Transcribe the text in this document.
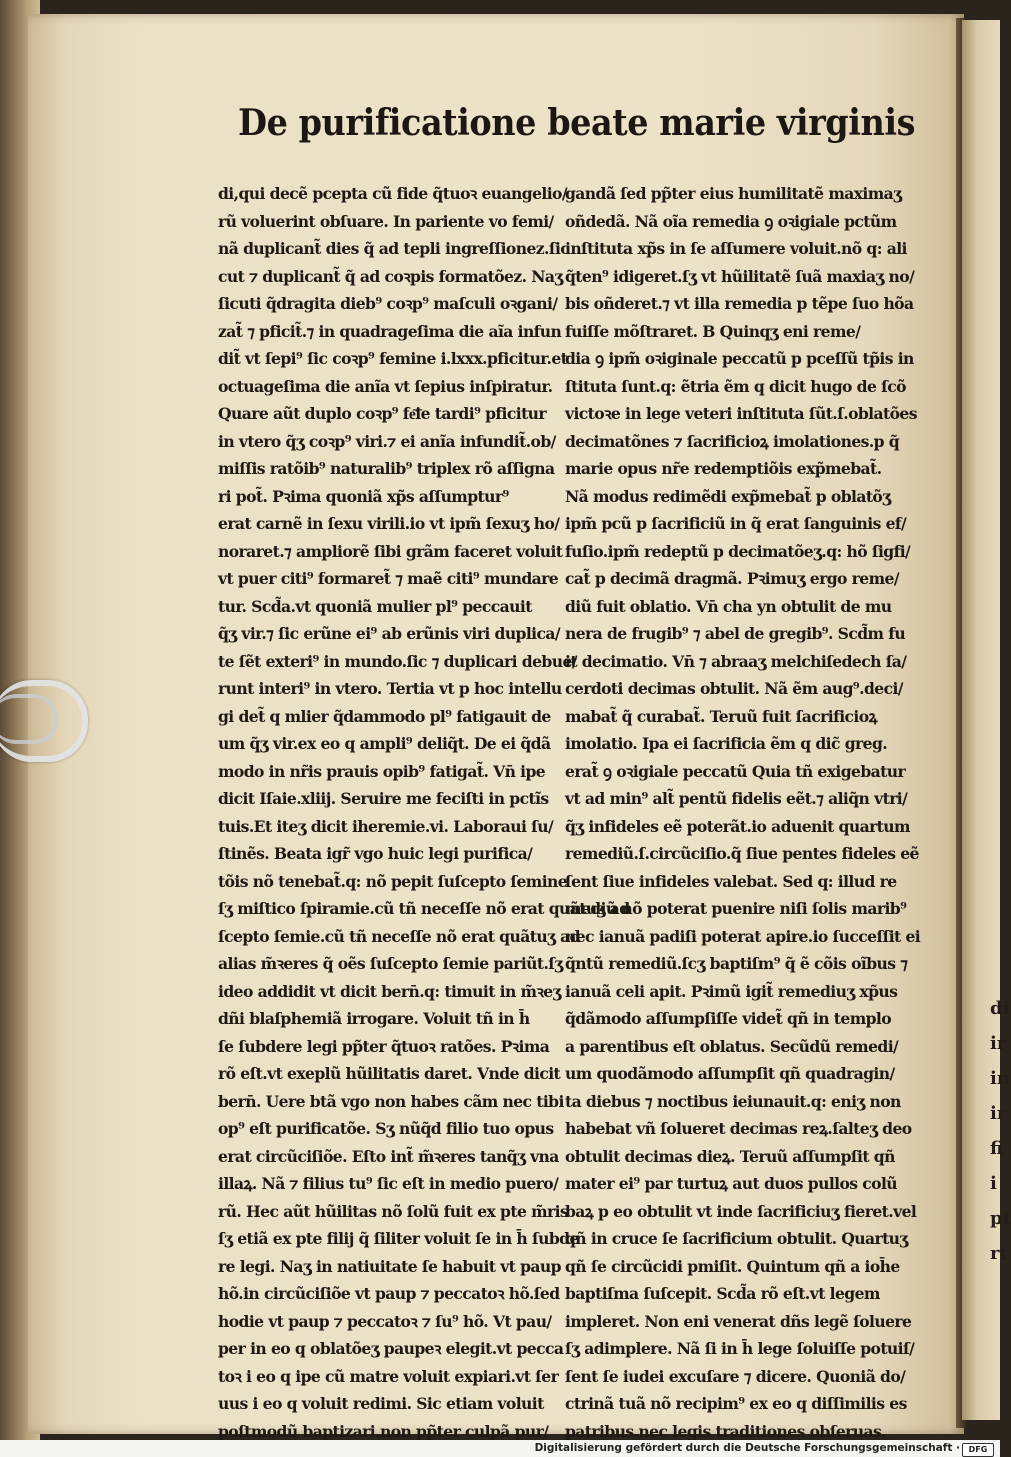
di
ir
in
ir
fi
i
pt
rt
De purificatione beate marie virginis
di,qui decẽ pcepta cũ fide q̃tuoꝛ euangelio/
rũ voluerint obſuare. In pariente vo femi/
nã duplicant̃ dies q̃ ad tepli ingreſſionez.ſic
cut ⁊ duplicant̃ q̃ ad coꝛpis formatõez. Naʒ
ſicuti q̃dragita dieb⁹ coꝛp⁹ maſculi oꝛgani/
zat̃ ⁊ pficit̃.⁊ in quadrageſima die aĩa infun
dit̃ vt ſepi⁹ ſic coꝛp⁹ femine i.lxxx.pficitur.et
octuageſima die anĩa vt ſepius inſpiratur.
Quare aũt duplo coꝛp⁹ fe͞ie tardi⁹ pficitur
in vtero q̃ʒ coꝛp⁹ viri.⁊ ei anĩa infundit̃.ob/
miſſis ratõib⁹ naturalib⁹ triplex rõ aſſigna
ri pot̃. Pꝛima quoniã xp̃s aſſumptur⁹
erat carnẽ in ſexu virili.io vt ipm̃ ſexuʒ ho/
noraret.⁊ ampliorẽ ſibi grãm faceret voluit
vt puer citi⁹ formaret̃ ⁊ maẽ citi⁹ mundare
tur. Scd̃a.vt quoniã mulier pl⁹ peccauit
q̃ʒ vir.⁊ ſic erũne ei⁹ ab erũnis viri duplica/
te ſẽt exteri⁹ in mundo.ſic ⁊ duplicari debue/
runt interi⁹ in vtero. Tertia vt p hoc intellu
gi det̃ q mlier q̃dammodo pl⁹ fatigauit de
um q̃ʒ vir.ex eo q ampli⁹ deliq̃t. De ei q̃dã
modo in nr̃is prauis opib⁹ fatigat̃. Vn̄ ipe
dicit Iſaie.xliij. Seruire me feciſti in pctĩs
tuis.Et iteʒ dicit iheremie.vi. Laboraui ſu/
ſtinẽs. Beata igr̃ vgo huic legi purifica/
tõis nõ tenebat̃.q: nõ pepit ſuſcepto ſemine
ſʒ miſtico ſpiramie.cũ tñ neceſſe nõ erat quãtuʒ ad
ſcepto ſemie.cũ tñ neceſſe nõ erat quãtuʒ ad
alias m̃ꝛeres q̃ oẽs ſuſcepto ſemie pariũt.ſʒ
ideo addidit vt dicit bern̄.q: timuit in m̃ꝛeʒ
dñi blaſphemiã irrogare. Voluit tñ in h̄
ſe ſubdere legi pp̃ter q̃tuoꝛ ratões. Pꝛima
rõ eſt.vt exeplũ hũilitatis daret. Vnde dicit
bern̄. Uere btã vgo non habes cãm nec tibi
op⁹ eſt purificatõe. Sʒ nũq̃d filio tuo opus
erat circũciſiõe. Eſto int̃ m̃ꝛeres tanq̃ʒ vna
illaꝝ. Nã ⁊ filius tu⁹ ſic eſt in medio puero/
rũ. Hec aũt hũilitas nõ ſolũ fuit ex pte m̃ris
ſʒ etiã ex pte filij q̃ ſiliter voluit ſe in h̄ ſubde
re legi. Naʒ in natiuitate ſe habuit vt paup
hõ.in circũciſiõe vt paup ⁊ peccatoꝛ hõ.ſed
hodie vt paup ⁊ peccatoꝛ ⁊ ſu⁹ hõ. Vt pau/
per in eo q oblatõeʒ paupeꝛ elegit.vt pecca
toꝛ i eo q ipe cũ matre voluit expiari.vt ſer
uus i eo q voluit redimi. Sic etiam voluit
poſtmodũ baptizari.non pp̃ter culpã pur/
gandã ſed pp̃ter eius humilitatẽ maximaʒ
oñdedã. Nã oĩa remedia ꝯ oꝛigiale pctũm
inſtituta xp̃s in ſe aſſumere voluit.nõ q: ali
q̃ten⁹ idigeret.ſʒ vt hũilitatẽ ſuã maxiaʒ no/
bis oñderet.⁊ vt illa remedia p tẽpe ſuo hõa
fuiſſe mõſtraret. B Quinqʒ eni reme/
dia ꝯ ipm̃ oꝛiginale peccatũ p pceſſũ tp̃is in
ſtituta ſunt.q: ẽtria ẽm q dicit hugo de ſcõ
victoꝛe in lege veteri inſtituta ſũt.ſ.oblatões
decimatõnes ⁊ ſacrificioꝝ imolationes.p q̃
marie opus nr̃e redemptiõis exp̃mebat̃.
Nã modus redimẽdi exp̃mebat̃ p oblatõʒ
ipm̃ pcũ p ſacrificiũ in q̃ erat ſanguinis ef/
fuſio.ipm̃ redeptũ p decimatõeʒ.q: hõ ſigfi/
cat̃ p decimã dragmã. Pꝛimuʒ ergo reme/
diũ fuit oblatio. Vn̄ cha yn obtulit de mu
nera de frugib⁹ ⁊ abel de gregib⁹. Scd̃m fu
it decimatio. Vn̄ ⁊ abraaʒ melchiſedech ſa/
cerdoti decimas obtulit. Nã ẽm aug⁹.deci/
mabat̃ q̃ curabat̃. Teruũ fuit ſacrificioꝝ
imolatio. Ipa ei ſacrificia ẽm q dic̃ greg.
erat̃ ꝯ oꝛigiale peccatũ Quia tñ exigebatur
vt ad min⁹ alt̃ pentũ fidelis eẽt.⁊ aliq̃n vtri/
q̃ʒ infideles eẽ poterãt.io aduenit quartum
remediũ.ſ.circũciſio.q̃ ſiue pentes fideles eẽ
ſent ſiue infideles valebat. Sed q: illud re
mediũ nõ poterat puenire niſi ſolis marib⁹
nec ianuã padiſi poterat apire.io ſucceſſit ei
q̃ntũ remediũ.ſcʒ baptiſm⁹ q̃ ẽ cõis oĩbus ⁊
ianuã celi apit. Pꝛimũ igit̃ remediuʒ xp̃us
q̃dãmodo aſſumpſiſſe videt̃ qñ in templo
a parentibus eſt oblatus. Secũdũ remedi/
um quodãmodo aſſumpſit qñ quadragin/
ta diebus ⁊ noctibus ieiunauit.q: eniʒ non
habebat vñ ſolueret decimas reꝝ.ſalteʒ deo
obtulit decimas dieꝝ. Teruũ aſſumpſit qñ
mater ei⁹ par turtuꝝ aut duos pullos colũ
baꝝ p eo obtulit vt inde ſacrificiuʒ fieret.vel
qñ in cruce ſe ſacrificium obtulit. Quartuʒ
qñ ſe circũcidi pmiſit. Quintum qñ a ioh̄e
baptiſma ſuſcepit. Scd̃a rõ eſt.vt legem
impleret. Non eni venerat dñs legẽ ſoluere
ſʒ adimplere. Nã ſi in h̄ lege ſoluiſſe potuiſ/
ſent ſe iudei excuſare ⁊ dicere. Quoniã do/
ctrinã tuã nõ recipim⁹ ex eo q diſſimilis es
patribus.nec legis traditiones obſeruas.
Digitalisierung gefördert durch die Deutsche Forschungsgemeinschaft ·	DFG
